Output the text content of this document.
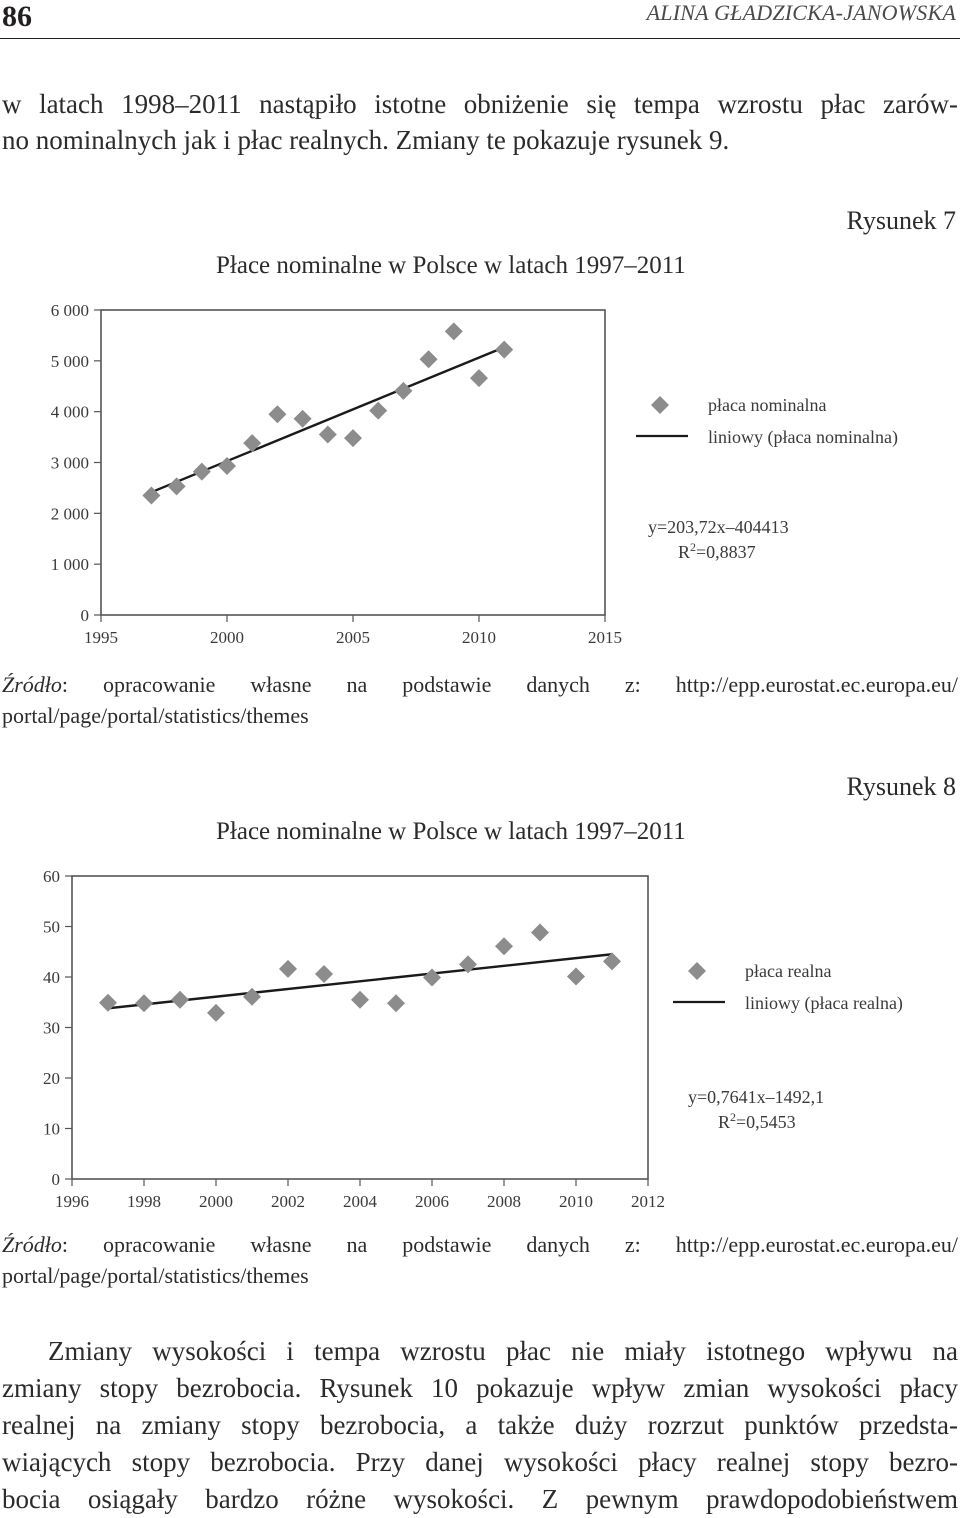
86	ALINA GŁADZICKA-JANOWSKA
w latach 1998–2011 nastąpiło istotne obniżenie się tempa wzrostu płac zarów-
no nominalnych jak i płac realnych. Zmiany te pokazuje rysunek 9.
Rysunek 7
Płace nominalne w Polsce w latach 1997–2011
0
1 000
2 000
3 000
4 000
5 000
6 000
1995	2000	2005	2010	2015
płaca nominalna
liniowy (płaca nominalna)
y=203,72x–404413
$R^2=0,8837$
Źródło: opracowanie własne na podstawie danych z: http://epp.eurostat.ec.europa.eu/
portal/page/portal/statistics/themes
Rysunek 8
Płace nominalne w Polsce w latach 1997–2011
0
10
20
30
40
50
60
1996 1998 2000 2002 2004 2006 2008 2010 2012
płaca realna
liniowy (płaca realna)
y=0,7641x–1492,1
$R^2=0,5453$
Źródło: opracowanie własne na podstawie danych z: http://epp.eurostat.ec.europa.eu/
portal/page/portal/statistics/themes
Zmiany wysokości i tempa wzrostu płac nie miały istotnego wpływu na
zmiany stopy bezrobocia. Rysunek 10 pokazuje wpływ zmian wysokości płacy
realnej na zmiany stopy bezrobocia, a także duży rozrzut punktów przedsta-
wiających stopy bezrobocia. Przy danej wysokości płacy realnej stopy bezro-
bocia osiągały bardzo różne wysokości. Z pewnym prawdopodobieństwem
